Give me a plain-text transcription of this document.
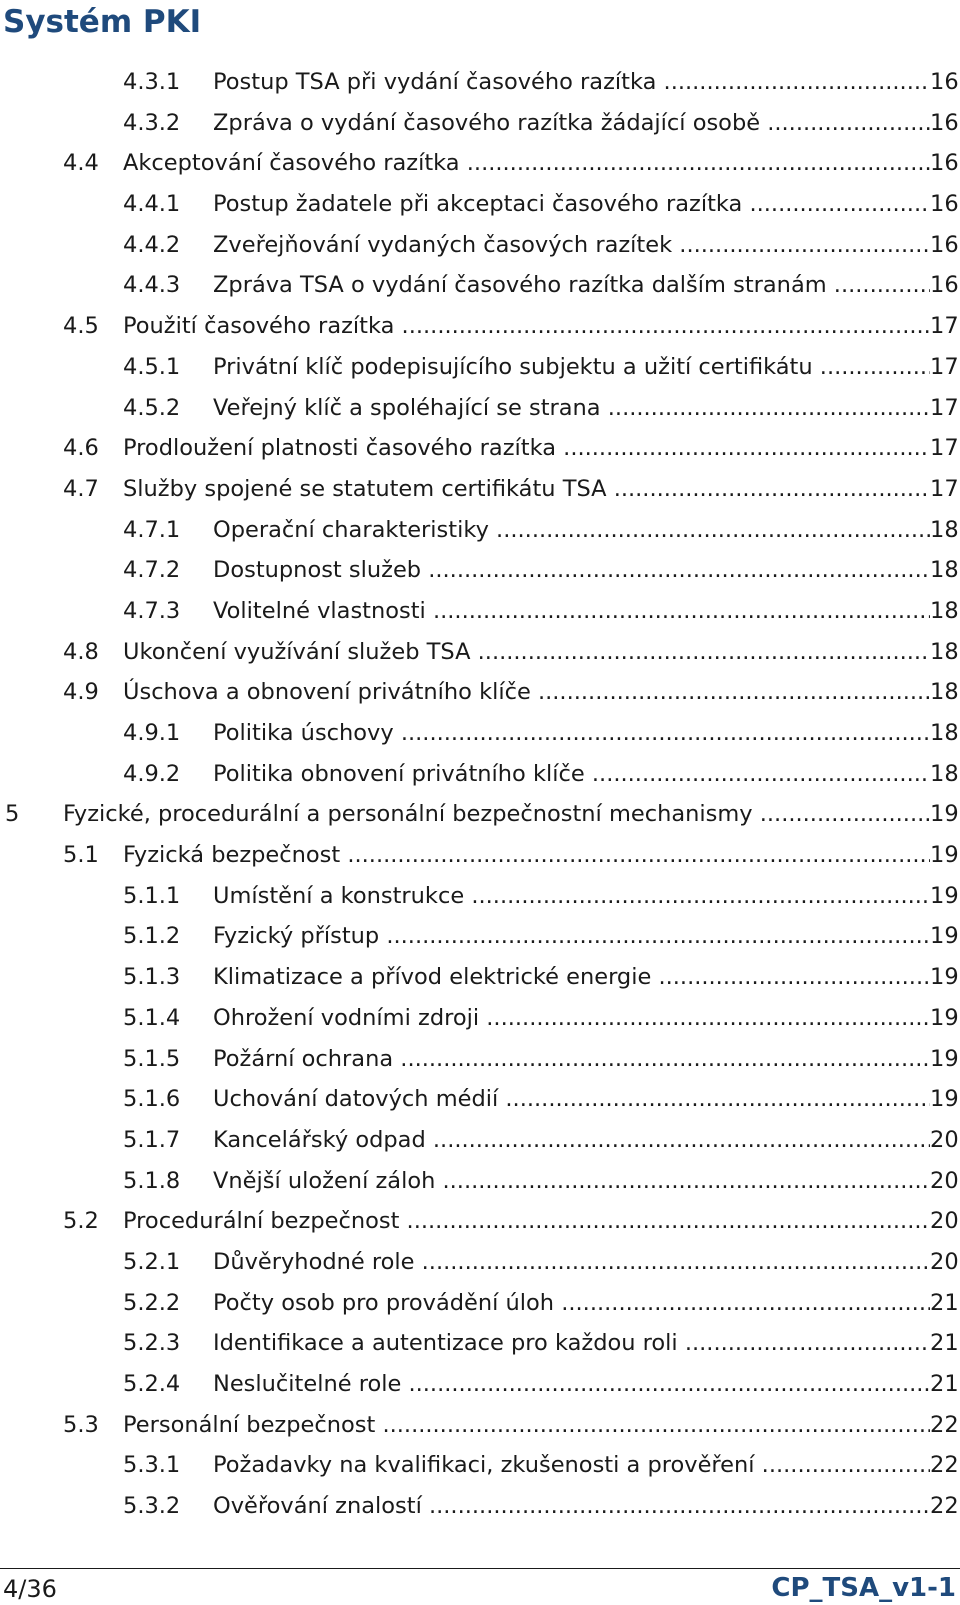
Systém PKI
4.3.1 Postup TSA při vydání časového razítka .....	16
4.3.2 Zpráva o vydání časového razítka žádající osobě .....	16
4.4 Akceptování časového razítka .....	16
4.4.1 Postup žadatele při akceptaci časového razítka .....	16
4.4.2 Zveřejňování vydaných časových razítek .....	16
4.4.3 Zpráva TSA o vydání časového razítka dalším stranám .....	16
4.5 Použití časového razítka .....	17
4.5.1 Privátní klíč podepisujícího subjektu a užití certifikátu .....	17
4.5.2 Veřejný klíč a spoléhající se strana .....	17
4.6 Prodloužení platnosti časového razítka .....	17
4.7 Služby spojené se statutem certifikátu TSA .....	17
4.7.1 Operační charakteristiky .....	18
4.7.2 Dostupnost služeb .....	18
4.7.3 Volitelné vlastnosti .....	18
4.8 Ukončení využívání služeb TSA .....	18
4.9 Úschova a obnovení privátního klíče .....	18
4.9.1 Politika úschovy .....	18
4.9.2 Politika obnovení privátního klíče .....	18
5 Fyzické, procedurální a personální bezpečnostní mechanismy .....	19
5.1 Fyzická bezpečnost .....	19
5.1.1 Umístění a konstrukce .....	19
5.1.2 Fyzický přístup .....	19
5.1.3 Klimatizace a přívod elektrické energie .....	19
5.1.4 Ohrožení vodními zdroji .....	19
5.1.5 Požární ochrana .....	19
5.1.6 Uchování datových médií .....	19
5.1.7 Kancelářský odpad .....	20
5.1.8 Vnější uložení záloh .....	20
5.2 Procedurální bezpečnost .....	20
5.2.1 Důvěryhodné role .....	20
5.2.2 Počty osob pro provádění úloh .....	21
5.2.3 Identifikace a autentizace pro každou roli .....	21
5.2.4 Neslučitelné role .....	21
5.3 Personální bezpečnost .....	22
5.3.1 Požadavky na kvalifikaci, zkušenosti a prověření .....	22
5.3.2 Ověřování znalostí .....	22
4/36	CP_TSA_v1-1
